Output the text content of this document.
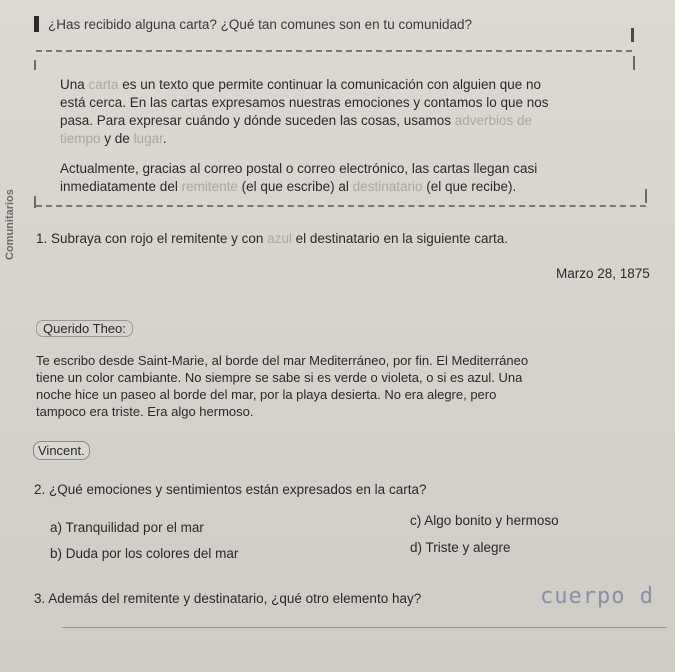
¿Has recibido alguna carta? ¿Qué tan comunes son en tu comunidad?
Una carta es un texto que permite continuar la comunicación con alguien que no
está cerca. En las cartas expresamos nuestras emociones y contamos lo que nos
pasa. Para expresar cuándo y dónde suceden las cosas, usamos adverbios de
tiempo y de lugar.
Actualmente, gracias al correo postal o correo electrónico, las cartas llegan casi
inmediatamente del remitente (el que escribe) al destinatario (el que recibe).
Comunitarios 1. Subraya con rojo el remitente y con azul el destinatario en la siguiente carta.
Marzo 28, 1875
Querido Theo:
Te escribo desde Saint-Marie, al borde del mar Mediterráneo, por fin. El Mediterráneo
tiene un color cambiante. No siempre se sabe si es verde o violeta, o si es azul. Una
noche hice un paseo al borde del mar, por la playa desierta. No era alegre, pero
tampoco era triste. Era algo hermoso.
Vincent.
2. ¿Qué emociones y sentimientos están expresados en la carta?
a) Tranquilidad por el mar
b) Duda por los colores del mar
c) Algo bonito y hermoso
d) Triste y alegre
3. Además del remitente y destinatario, ¿qué otro elemento hay?	cuerpo d
